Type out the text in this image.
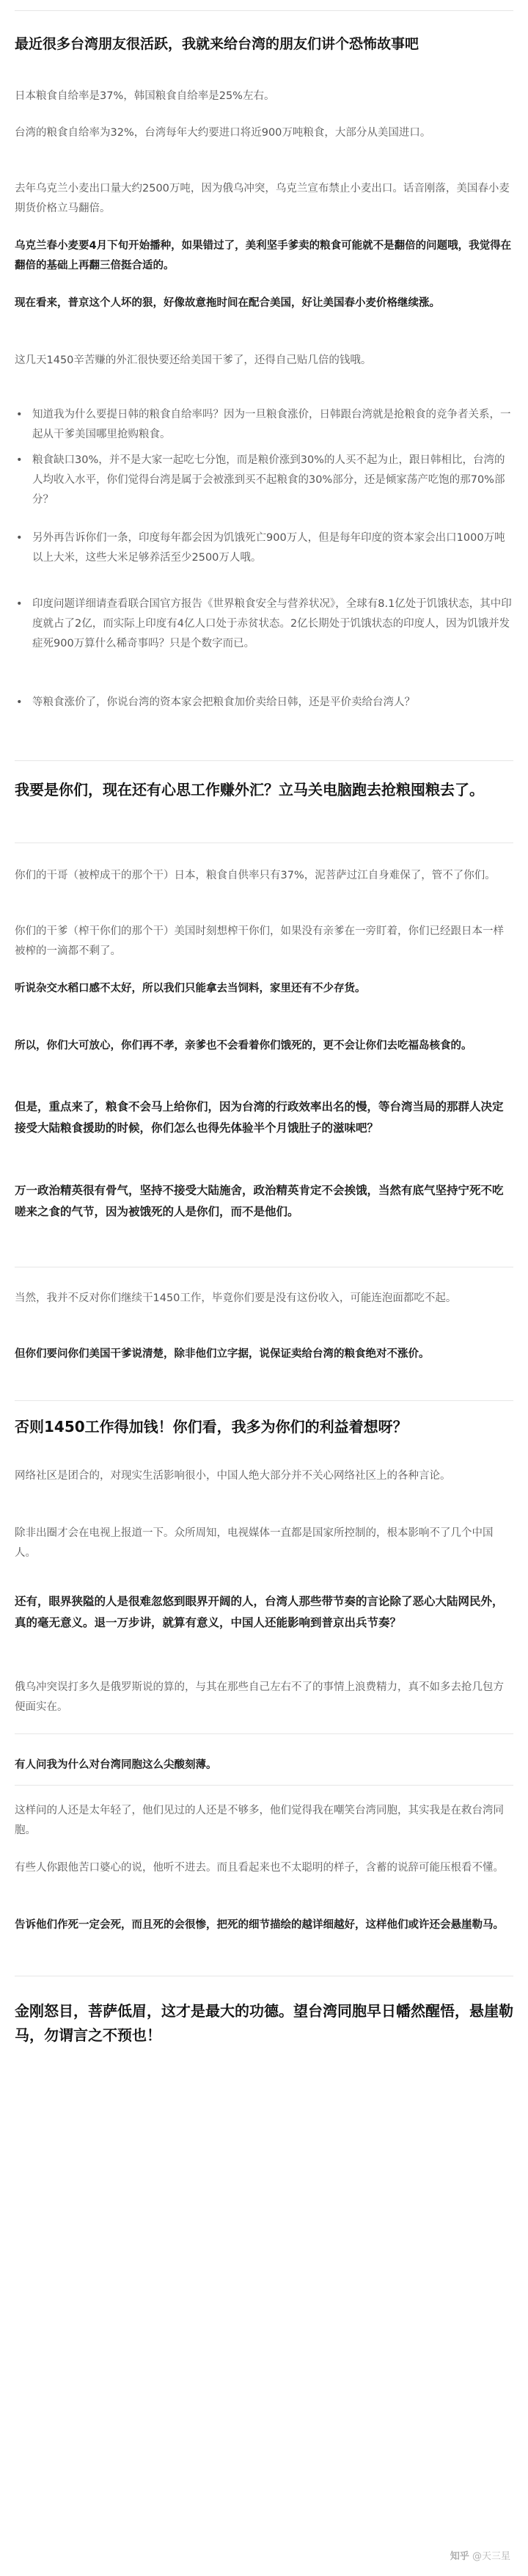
最近很多台湾朋友很活跃，我就来给台湾的朋友们讲个恐怖故事吧

日本粮食自给率是37%，韩国粮食自给率是25%左右。

台湾的粮食自给率为32%，台湾每年大约要进口将近900万吨粮食，大部分从美国进口。

去年乌克兰小麦出口量大约2500万吨，因为俄乌冲突，乌克兰宣布禁止小麦出口。话音刚落，美国春小麦期货价格立马翻倍。

乌克兰春小麦要4月下旬开始播种，如果错过了，美利坚手爹卖的粮食可能就不是翻倍的问题哦，我觉得在翻倍的基础上再翻三倍挺合适的。

现在看来，普京这个人坏的狠，好像故意拖时间在配合美国，好让美国春小麦价格继续涨。

这几天1450辛苦赚的外汇很快要还给美国干爹了，还得自己贴几倍的钱哦。

• 知道我为什么要提日韩的粮食自给率吗？因为一旦粮食涨价，日韩跟台湾就是抢粮食的竞争者关系，一起从干爹美国哪里抢购粮食。
• 粮食缺口30%，并不是大家一起吃七分饱，而是粮价涨到30%的人买不起为止，跟日韩相比，台湾的人均收入水平，你们觉得台湾是属于会被涨到买不起粮食的30%部分，还是倾家荡产吃饱的那70%部分？
• 另外再告诉你们一条，印度每年都会因为饥饿死亡900万人，但是每年印度的资本家会出口1000万吨以上大米，这些大米足够养活至少2500万人哦。
• 印度问题详细请查看联合国官方报告《世界粮食安全与营养状况》，全球有8.1亿处于饥饿状态，其中印度就占了2亿，而实际上印度有4亿人口处于赤贫状态。2亿长期处于饥饿状态的印度人，因为饥饿并发症死900万算什么稀奇事吗？只是个数字而已。
• 等粮食涨价了，你说台湾的资本家会把粮食加价卖给日韩，还是平价卖给台湾人？
我要是你们，现在还有心思工作赚外汇？立马关电脑跑去抢粮囤粮去了。

你们的干哥（被榨成干的那个干）日本，粮食自供率只有37%，泥菩萨过江自身难保了，管不了你们。

你们的干爹（榨干你们的那个干）美国时刻想榨干你们，如果没有亲爹在一旁盯着，你们已经跟日本一样被榨的一滴都不剩了。

听说杂交水稻口感不太好，所以我们只能拿去当饲料，家里还有不少存货。

所以，你们大可放心，你们再不孝，亲爹也不会看着你们饿死的，更不会让你们去吃福岛核食的。

但是，重点来了，粮食不会马上给你们，因为台湾的行政效率出名的慢，等台湾当局的那群人决定接受大陆粮食援助的时候，你们怎么也得先体验半个月饿肚子的滋味吧？

万一政治精英很有骨气，坚持不接受大陆施舍，政治精英肯定不会挨饿，当然有底气坚持宁死不吃嗟来之食的气节，因为被饿死的人是你们，而不是他们。

当然，我并不反对你们继续干1450工作，毕竟你们要是没有这份收入，可能连泡面都吃不起。

但你们要问你们美国干爹说清楚，除非他们立字据，说保证卖给台湾的粮食绝对不涨价。

否则1450工作得加钱！你们看，我多为你们的利益着想呀？

网络社区是团合的，对现实生活影响很小，中国人绝大部分并不关心网络社区上的各种言论。

除非出圈才会在电视上报道一下。众所周知，电视媒体一直都是国家所控制的，根本影响不了几个中国人。

还有，眼界狭隘的人是很难忽悠到眼界开阔的人，台湾人那些带节奏的言论除了恶心大陆网民外，真的毫无意义。退一万步讲，就算有意义，中国人还能影响到普京出兵节奏？

俄乌冲突误打多久是俄罗斯说的算的，与其在那些自己左右不了的事情上浪费精力，真不如多去抢几包方便面实在。

有人问我为什么对台湾同胞这么尖酸刻薄。

这样问的人还是太年轻了，他们见过的人还是不够多，他们觉得我在嘲笑台湾同胞，其实我是在救台湾同胞。

有些人你跟他苦口婆心的说，他听不进去。而且看起来也不太聪明的样子，含蓄的说辞可能压根看不懂。

告诉他们作死一定会死，而且死的会很惨，把死的细节描绘的越详细越好，这样他们或许还会悬崖勒马。

金刚怒目，菩萨低眉，这才是最大的功德。望台湾同胞早日幡然醒悟，悬崖勒马，勿谓言之不预也！

知乎 @天三星
